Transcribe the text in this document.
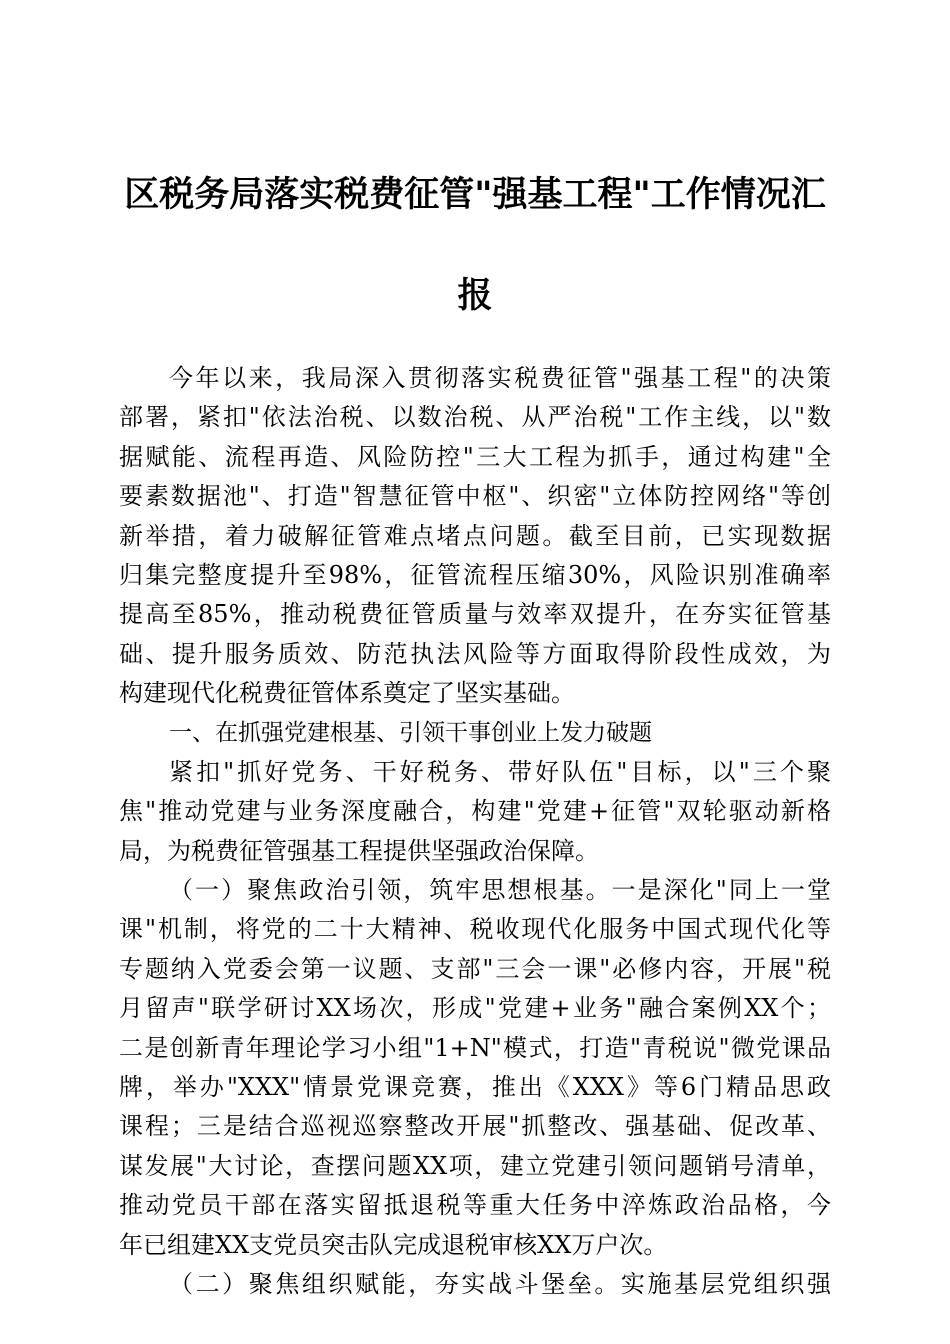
区税务局落实税费征管"强基工程"工作情况汇
报
今年以来，我局深入贯彻落实税费征管"强基工程"的决策
部署，紧扣"依法治税、以数治税、从严治税"工作主线，以"数
据赋能、流程再造、风险防控"三大工程为抓手，通过构建"全
要素数据池"、打造"智慧征管中枢"、织密"立体防控网络"等创
新举措，着力破解征管难点堵点问题。截至目前，已实现数据
归集完整度提升至98%，征管流程压缩30%，风险识别准确率
提高至85%，推动税费征管质量与效率双提升，在夯实征管基
础、提升服务质效、防范执法风险等方面取得阶段性成效，为
构建现代化税费征管体系奠定了坚实基础。
一、在抓强党建根基、引领干事创业上发力破题
紧扣"抓好党务、干好税务、带好队伍"目标，以"三个聚
焦"推动党建与业务深度融合，构建"党建+征管"双轮驱动新格
局，为税费征管强基工程提供坚强政治保障。
（一）聚焦政治引领，筑牢思想根基。一是深化"同上一堂
课"机制，将党的二十大精神、税收现代化服务中国式现代化等
专题纳入党委会第一议题、支部"三会一课"必修内容，开展"税
月留声"联学研讨XX场次，形成"党建+业务"融合案例XX个；
二是创新青年理论学习小组"1+N"模式，打造"青税说"微党课品
牌，举办"XXX"情景党课竞赛，推出《XXX》等6门精品思政
课程；三是结合巡视巡察整改开展"抓整改、强基础、促改革、
谋发展"大讨论，查摆问题XX项，建立党建引领问题销号清单，
推动党员干部在落实留抵退税等重大任务中淬炼政治品格，今
年已组建XX支党员突击队完成退税审核XX万户次。
（二）聚焦组织赋能，夯实战斗堡垒。实施基层党组织强
